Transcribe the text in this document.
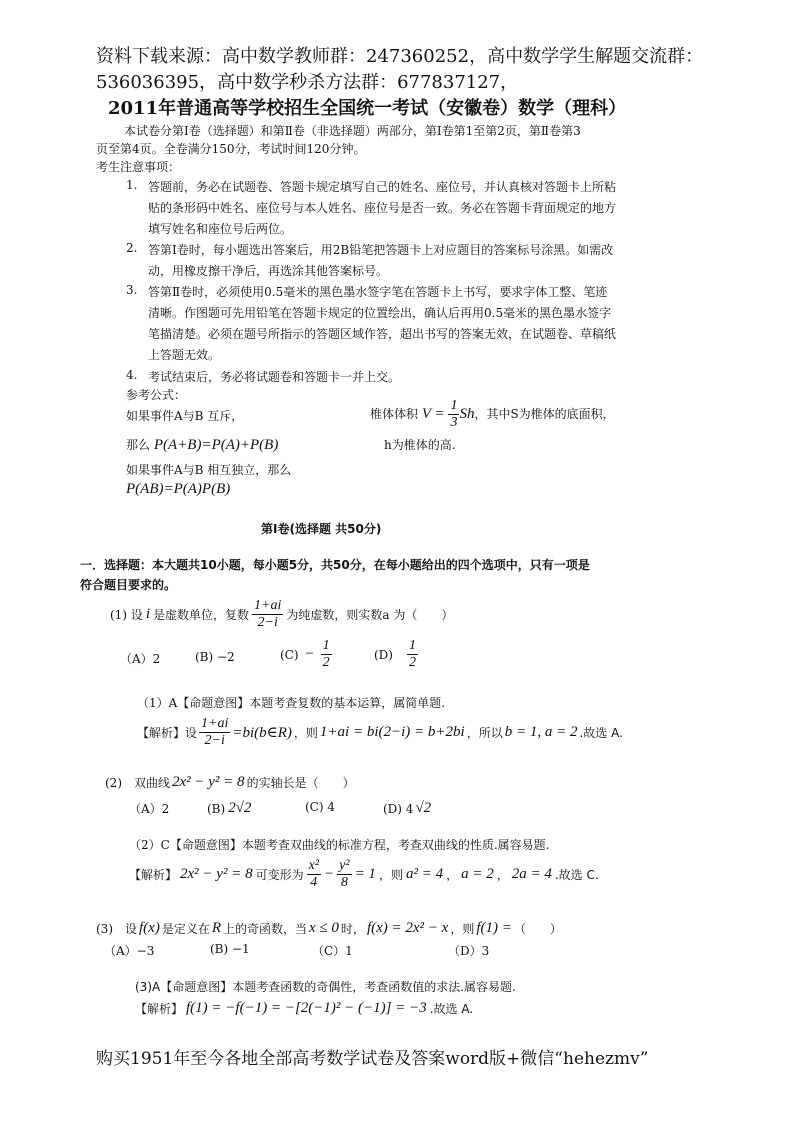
资料下载来源：高中数学教师群：247360252，高中数学学生解题交流群：
536036395，高中数学秒杀方法群：677837127，
2011年普通高等学校招生全国统一考试（安徽卷）数学（理科）
本试卷分第Ⅰ卷（选择题）和第Ⅱ卷（非选择题）两部分，第Ⅰ卷第1至第2页，第Ⅱ卷第3
页至第4页。全卷满分150分，考试时间120分钟。
考生注意事项：
1. 答题前，务必在试题卷、答题卡规定填写自己的姓名、座位号，并认真核对答题卡上所粘
贴的条形码中姓名、座位号与本人姓名、座位号是否一致。务必在答题卡背面规定的地方
填写姓名和座位号后两位。
2. 答第Ⅰ卷时，每小题选出答案后，用2B铅笔把答题卡上对应题目的答案标号涂黑。如需改
动，用橡皮擦干净后，再选涂其他答案标号。
3. 答第Ⅱ卷时，必须使用0.5毫米的黑色墨水签字笔在答题卡上书写，要求字体工整、笔迹
清晰。作图题可先用铅笔在答题卡规定的位置绘出，确认后再用0.5毫米的黑色墨水签字
笔描清楚。必须在题号所指示的答题区域作答，超出书写的答案无效，在试题卷、草稿纸
上答题无效。
4. 考试结束后，务必将试题卷和答题卡一并上交。
参考公式：
如果事件A与B 互斥，
那么 P(A+B)=P(A)+P(B)
如果事件A与B 相互独立，那么
P(AB)=P(A)P(B)
椎体体积 $V = \frac{1}{3}$ Sh，其中S为椎体的底面积，
h为椎体的高.
第Ⅰ卷(选择题 共50分)
一．选择题：本大题共10小题，每小题5分，共50分，在每小题给出的四个选项中，只有一项是
符合题目要求的。
(1) 设 i 是虚数单位，复数 $\frac{1+ai}{2-i}$ 为纯虚数，则实数a 为（　　）
（A）2	(B) −2	$(C) - \frac{1}{2}$	$(D) \frac{1}{2}$
（1）A【命题意图】本题考查复数的基本运算，属简单题.
【解析】设 $\frac{1+ai}{2-i}$ =bi(b∈R) ，则 1+ai = bi(2−i) = b+2bi ，所以 b = 1, a = 2 .故选 A.
(2)　双曲线 2x² − y² = 8 的实轴长是（　　）
（A）2	(B) 2√2	(C) 4	(D) 4 √2
（2）C【命题意图】本题考查双曲线的标准方程，考查双曲线的性质.属容易题.
【解析】 2x² − y² = 8 可变形为 $\frac{\text{x²}}{4} - \frac{\text{y²}}{8} = 1$ ，则 a² = 4 ， a = 2 ， 2a = 4 .故选 C.
(3)　设 f(x) 是定义在 R 上的奇函数，当 x ≤ 0 时， f(x) = 2x² − x ，则 f(1) = （　　）
（A）−3	(B) −1	（C）1	（D）3
(3)A【命题意图】本题考查函数的奇偶性，考查函数值的求法.属容易题.
【解析】 f(1) = −f(−1) = −[2(−1)² − (−1)] = −3 .故选 A.
购买1951年至今各地全部高考数学试卷及答案word版+微信“hehezmv”
